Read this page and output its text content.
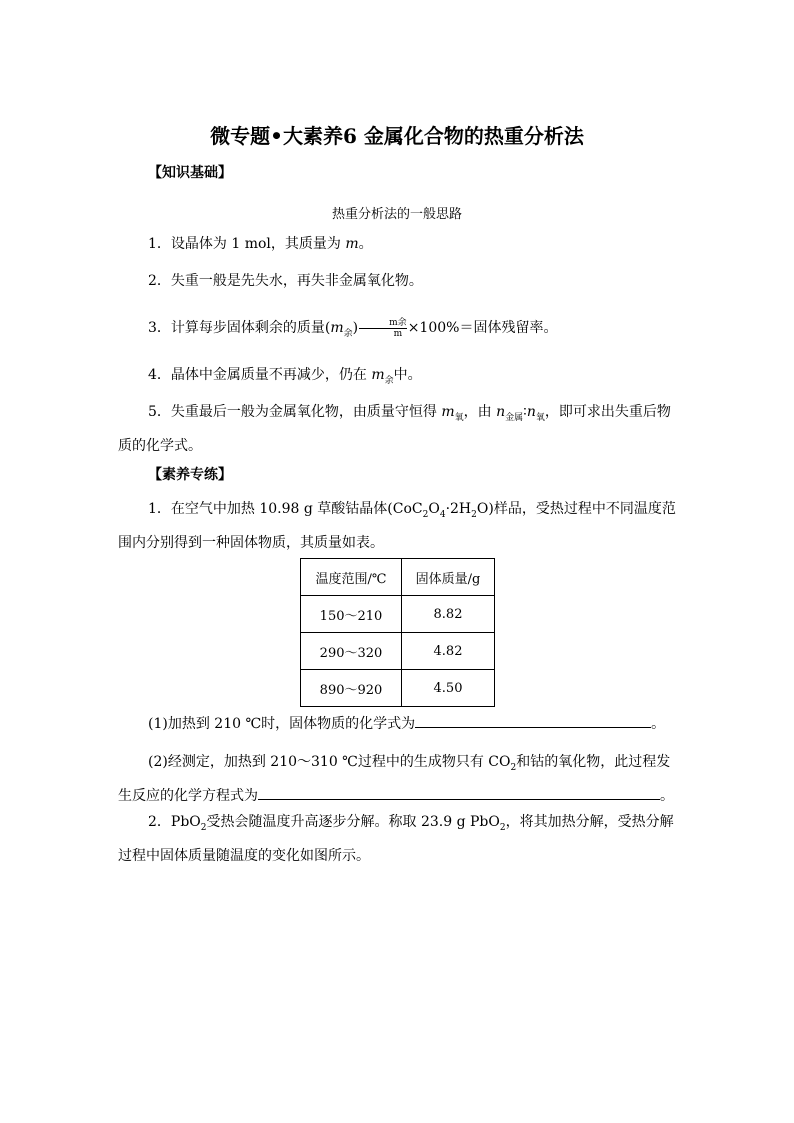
微专题•大素养6 金属化合物的热重分析法
【知识基础】
热重分析法的一般思路
1．设晶体为 1 mol，其质量为 m。
2．失重一般是先失水，再失非金属氧化物。
3．计算每步固体剩余的质量$(m_余) \frac{\text{m余}}{m} \times 100\%=$固体残留率。
4．晶体中金属质量不再减少，仍在 $m_余$中。
5．失重最后一般为金属氧化物，由质量守恒得 $m_氧$，由 $n_{金属}∶n_氧$，即可求出失重后物质的化学式。
【素养专练】
1．在空气中加热 10.98 g 草酸钴晶体$(CoC_2O_4\cdot 2H_2O)$样品，受热过程中不同温度范围内分别得到一种固体物质，其质量如表。
温度范围/℃	固体质量/g
150～210	8.82
290～320	4.82
890～920	4.50
(1)加热到 210 ℃时，固体物质的化学式为	。
(2)经测定，加热到 210～310 ℃过程中的生成物只有 $CO_2$和钴的氧化物，此过程发生反应的化学方程式为	。
2．PbO$_2$受热会随温度升高逐步分解。称取 23.9 g PbO$_2$，将其加热分解，受热分解过程中固体质量随温度的变化如图所示。
